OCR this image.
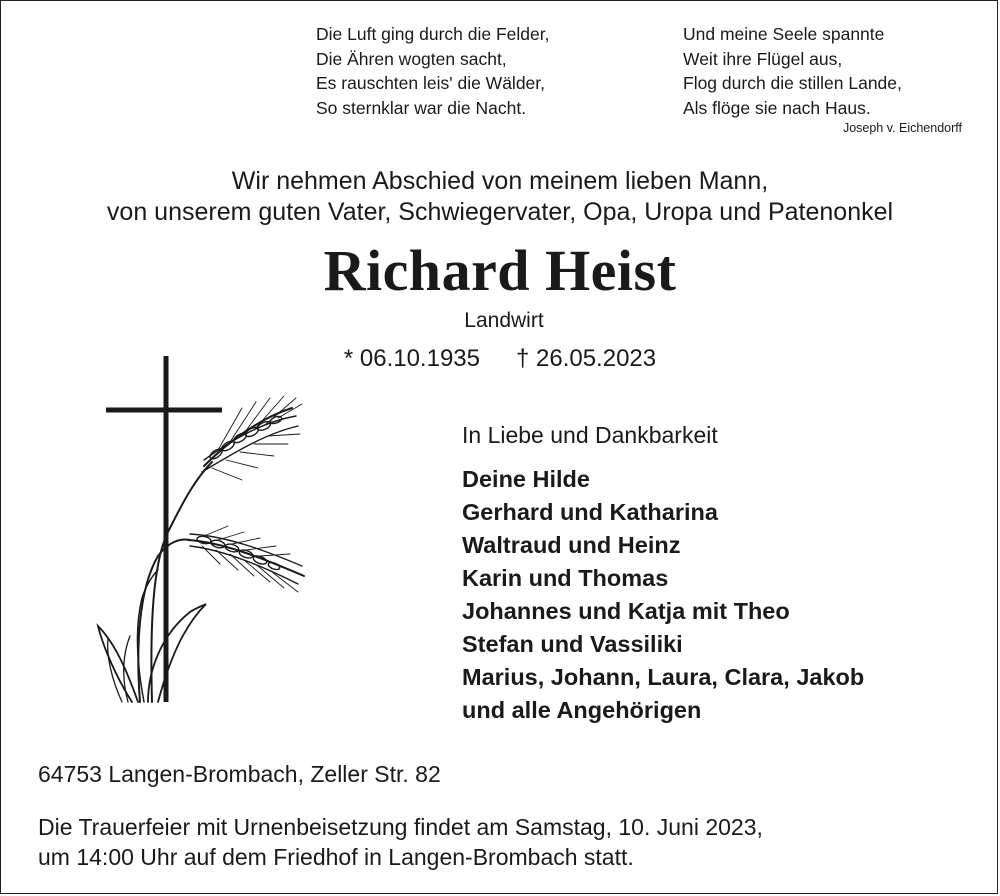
Die Luft ging durch die Felder,
Die Ähren wogten sacht,
Es rauschten leis' die Wälder,
So sternklar war die Nacht.
Und meine Seele spannte
Weit ihre Flügel aus,
Flog durch die stillen Lande,
Als flöge sie nach Haus.
Joseph v. Eichendorff
Wir nehmen Abschied von meinem lieben Mann,
von unserem guten Vater, Schwiegervater, Opa, Uropa und Patenonkel
Richard Heist
Landwirt
* 06.10.1935 † 26.05.2023
In Liebe und Dankbarkeit
Deine Hilde
Gerhard und Katharina
Waltraud und Heinz
Karin und Thomas
Johannes und Katja mit Theo
Stefan und Vassiliki
Marius, Johann, Laura, Clara, Jakob
und alle Angehörigen
64753 Langen-Brombach, Zeller Str. 82
Die Trauerfeier mit Urnenbeisetzung findet am Samstag, 10. Juni 2023,
um 14:00 Uhr auf dem Friedhof in Langen-Brombach statt.
